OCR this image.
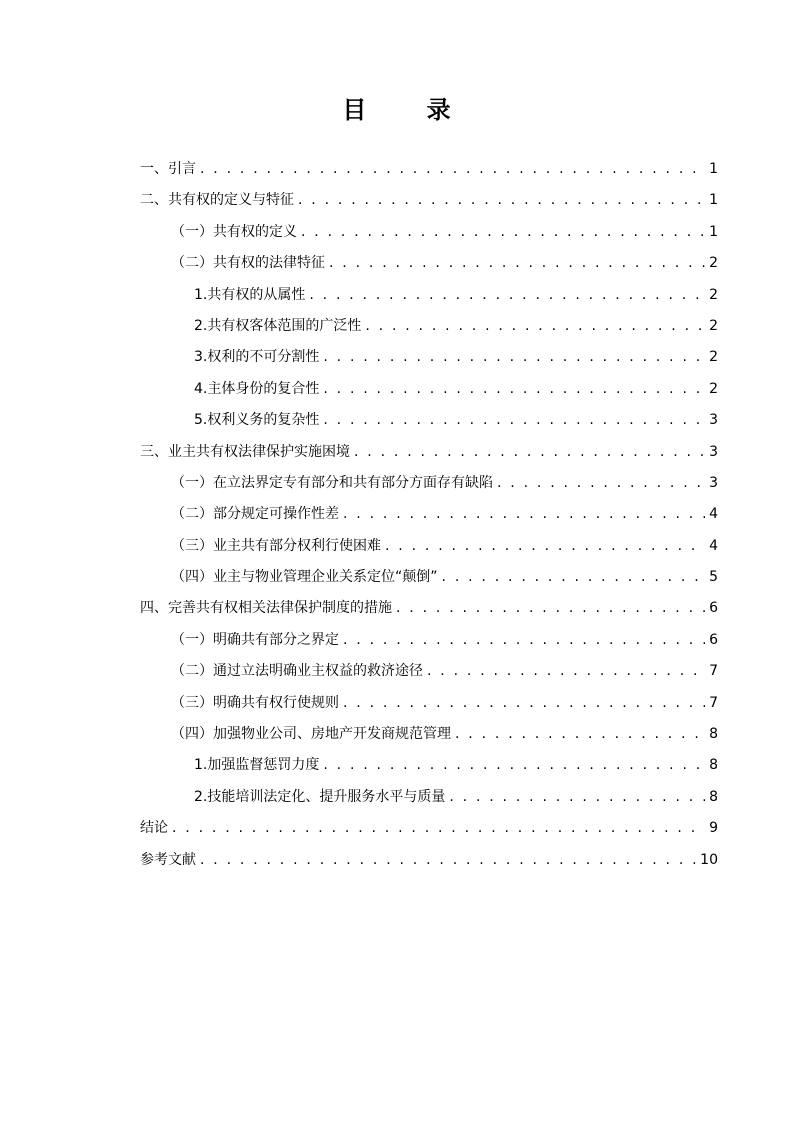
目 录
一、引言 . . .	1
二、共有权的定义与特征 . . .	1
（一）共有权的定义 . . .	1
（二）共有权的法律特征 . . .	2
1.共有权的从属性 . . .	2
2.共有权客体范围的广泛性 . . .	2
3.权利的不可分割性 . . .	2
4.主体身份的复合性 . . .	2
5.权利义务的复杂性 . . .	3
三、业主共有权法律保护实施困境 . . .	3
（一）在立法界定专有部分和共有部分方面存有缺陷 . . .	3
（二）部分规定可操作性差 . . .	4
（三）业主共有部分权利行使困难 . . .	4
（四）业主与物业管理企业关系定位“颠倒” . . .	5
四、完善共有权相关法律保护制度的措施 . . .	6
（一）明确共有部分之界定 . . .	6
（二）通过立法明确业主权益的救济途径 . . .	7
（三）明确共有权行使规则 . . .	7
（四）加强物业公司、房地产开发商规范管理 . . .	8
1.加强监督惩罚力度 . . .	8
2.技能培训法定化、提升服务水平与质量 . . .	8
结论 . . .	9
参考文献 . . .	10
